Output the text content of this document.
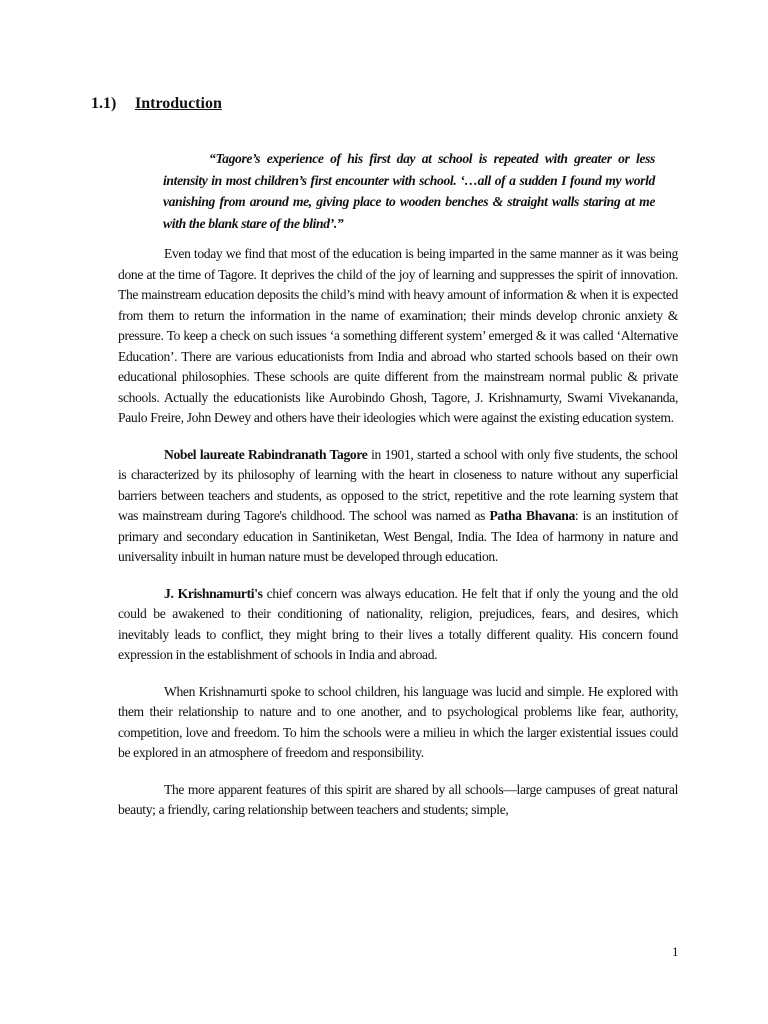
1.1) Introduction
“Tagore’s experience of his first day at school is repeated with greater or less intensity in most children’s first encounter with school. ‘…all of a sudden I found my world vanishing from around me, giving place to wooden benches & straight walls staring at me with the blank stare of the blind’.”

Even today we find that most of the education is being imparted in the same manner as it was being done at the time of Tagore. It deprives the child of the joy of learning and suppresses the spirit of innovation. The mainstream education deposits the child’s mind with heavy amount of information & when it is expected from them to return the information in the name of examination; their minds develop chronic anxiety & pressure. To keep a check on such issues ‘a something different system’ emerged & it was called ‘Alternative Education’. There are various educationists from India and abroad who started schools based on their own educational philosophies. These schools are quite different from the mainstream normal public & private schools. Actually the educationists like Aurobindo Ghosh, Tagore, J. Krishnamurty, Swami Vivekananda, Paulo Freire, John Dewey and others have their ideologies which were against the existing education system.

Nobel laureate Rabindranath Tagore in 1901, started a school with only five students, the school is characterized by its philosophy of learning with the heart in closeness to nature without any superficial barriers between teachers and students, as opposed to the strict, repetitive and the rote learning system that was mainstream during Tagore's childhood. The school was named as Patha Bhavana: is an institution of primary and secondary education in Santiniketan, West Bengal, India. The Idea of harmony in nature and universality inbuilt in human nature must be developed through education.

J. Krishnamurti's chief concern was always education. He felt that if only the young and the old could be awakened to their conditioning of nationality, religion, prejudices, fears, and desires, which inevitably leads to conflict, they might bring to their lives a totally different quality. His concern found expression in the establishment of schools in India and abroad.

When Krishnamurti spoke to school children, his language was lucid and simple. He explored with them their relationship to nature and to one another, and to psychological problems like fear, authority, competition, love and freedom. To him the schools were a milieu in which the larger existential issues could be explored in an atmosphere of freedom and responsibility.

The more apparent features of this spirit are shared by all schools—large campuses of great natural beauty; a friendly, caring relationship between teachers and students; simple,

1
